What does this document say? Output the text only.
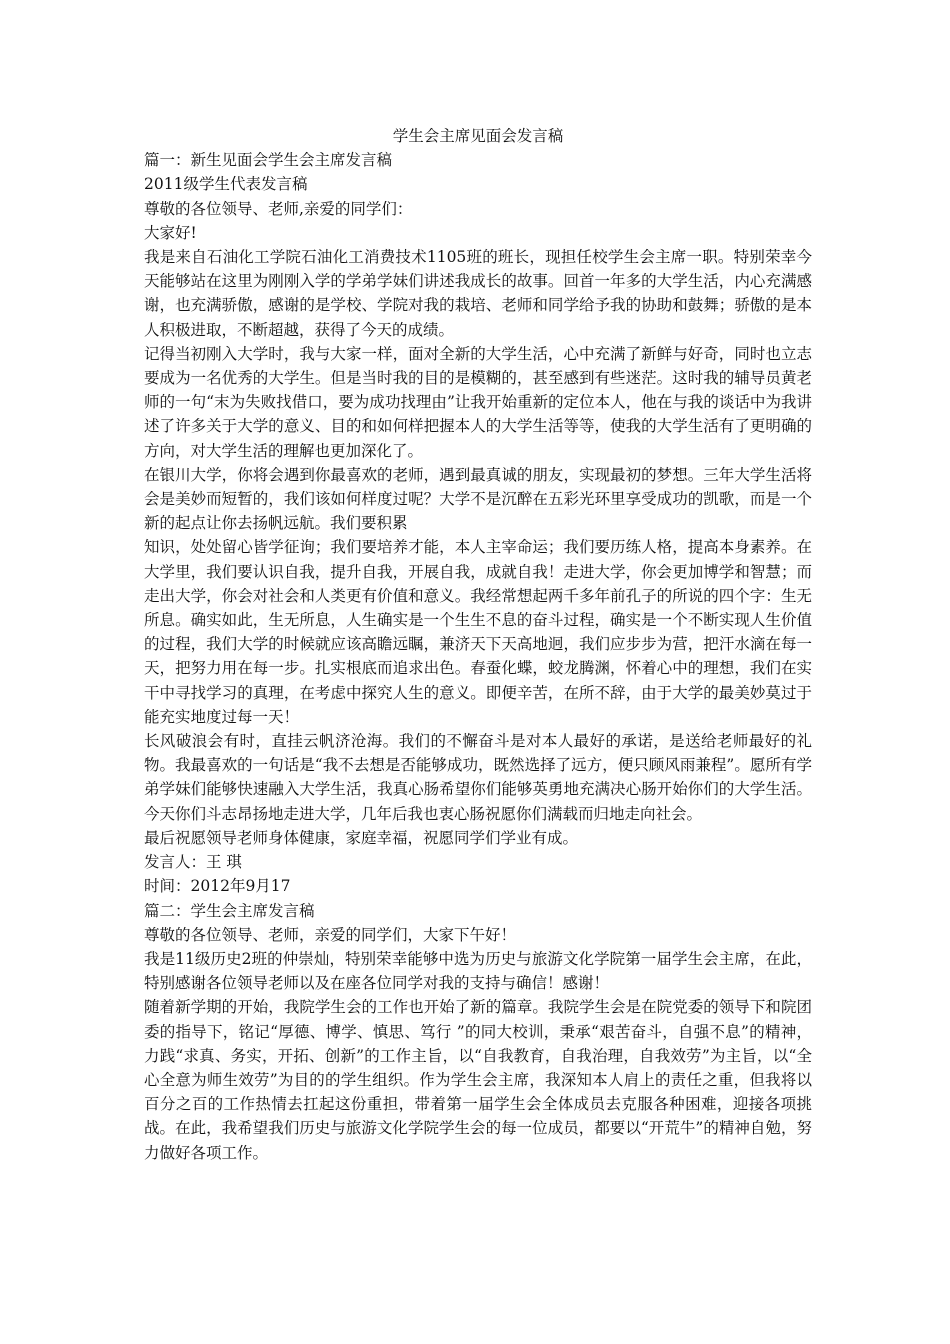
学生会主席见面会发言稿

篇一：新生见面会学生会主席发言稿

2011级学生代表发言稿

尊敬的各位领导、老师,亲爱的同学们：

大家好!

我是来自石油化工学院石油化工消费技术1105班的班长，现担任校学生会主席一职。特别荣幸今天能够站在这里为刚刚入学的学弟学妹们讲述我成长的故事。回首一年多的大学生活，内心充满感谢，也充满骄傲，感谢的是学校、学院对我的栽培、老师和同学给予我的协助和鼓舞；骄傲的是本人积极进取，不断超越，获得了今天的成绩。

记得当初刚入大学时，我与大家一样，面对全新的大学生活，心中充满了新鲜与好奇，同时也立志要成为一名优秀的大学生。但是当时我的目的是模糊的，甚至感到有些迷茫。这时我的辅导员黄老师的一句“末为失败找借口，要为成功找理由”让我开始重新的定位本人，他在与我的谈话中为我讲述了许多关于大学的意义、目的和如何样把握本人的大学生活等等，使我的大学生活有了更明确的方向，对大学生活的理解也更加深化了。

在银川大学，你将会遇到你最喜欢的老师，遇到最真诚的朋友，实现最初的梦想。三年大学生活将会是美妙而短暂的，我们该如何样度过呢？大学不是沉醉在五彩光环里享受成功的凯歌，而是一个新的起点让你去扬帆远航。我们要积累

知识，处处留心皆学征询；我们要培养才能，本人主宰命运；我们要历练人格，提高本身素养。在大学里，我们要认识自我，提升自我，开展自我，成就自我！走进大学，你会更加博学和智慧；而走出大学，你会对社会和人类更有价值和意义。我经常想起两千多年前孔子的所说的四个字：生无所息。确实如此，生无所息，人生确实是一个生生不息的奋斗过程，确实是一个不断实现人生价值的过程，我们大学的时候就应该高瞻远瞩，兼济天下天高地迥，我们应步步为营，把汗水滴在每一天，把努力用在每一步。扎实根底而追求出色。春蚕化蝶，蛟龙腾渊，怀着心中的理想，我们在实干中寻找学习的真理，在考虑中探究人生的意义。即便辛苦，在所不辞，由于大学的最美妙莫过于能充实地度过每一天！

长风破浪会有时，直挂云帆济沧海。我们的不懈奋斗是对本人最好的承诺，是送给老师最好的礼物。我最喜欢的一句话是“我不去想是否能够成功，既然选择了远方，便只顾风雨兼程”。愿所有学弟学妹们能够快速融入大学生活，我真心肠希望你们能够英勇地充满决心肠开始你们的大学生活。今天你们斗志昂扬地走进大学，几年后我也衷心肠祝愿你们满载而归地走向社会。

最后祝愿领导老师身体健康，家庭幸福，祝愿同学们学业有成。

发言人：王 琪

时间：2012年9月17

篇二：学生会主席发言稿

尊敬的各位领导、老师，亲爱的同学们，大家下午好！

我是11级历史2班的仲崇灿，特别荣幸能够中选为历史与旅游文化学院第一届学生会主席，在此，特别感谢各位领导老师以及在座各位同学对我的支持与确信！感谢！

随着新学期的开始，我院学生会的工作也开始了新的篇章。我院学生会是在院党委的领导下和院团委的指导下，铭记“厚德、博学、慎思、笃行 ”的同大校训，秉承“艰苦奋斗，自强不息”的精神，力践“求真、务实，开拓、创新”的工作主旨，以“自我教育，自我治理，自我效劳”为主旨，以“全心全意为师生效劳”为目的的学生组织。作为学生会主席，我深知本人肩上的责任之重，但我将以百分之百的工作热情去扛起这份重担，带着第一届学生会全体成员去克服各种困难，迎接各项挑战。在此，我希望我们历史与旅游文化学院学生会的每一位成员，都要以“开荒牛”的精神自勉，努力做好各项工作。
